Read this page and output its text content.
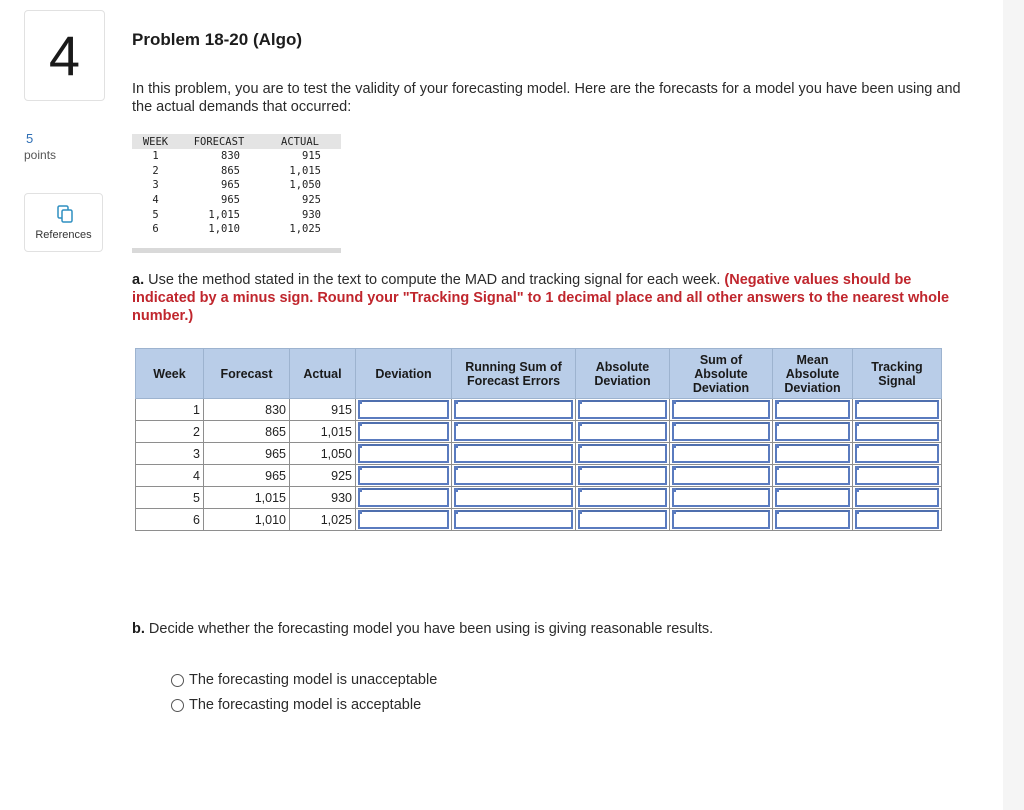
4
5
points
References
Problem 18-20 (Algo)
In this problem, you are to test the validity of your forecasting model. Here are the forecasts for a model you have been using and the actual demands that occurred:
WEEK	FORECAST	ACTUAL
1	830	915
2	865	1,015
3	965	1,050
4	965	925
5	1,015	930
6	1,010	1,025
a. Use the method stated in the text to compute the MAD and tracking signal for each week. (Negative values should be indicated by a minus sign. Round your "Tracking Signal" to 1 decimal place and all other answers to the nearest whole number.)
Week	Forecast	Actual	Deviation	Running Sum of Forecast Errors	Absolute Deviation	Sum of Absolute Deviation	Mean Absolute Deviation	Tracking Signal
1	830	915	

2	865	1,015	

3	965	1,050	

4	965	925	

5	1,015	930	

6	1,010	1,025	

b. Decide whether the forecasting model you have been using is giving reasonable results.
The forecasting model is unacceptable
The forecasting model is acceptable
